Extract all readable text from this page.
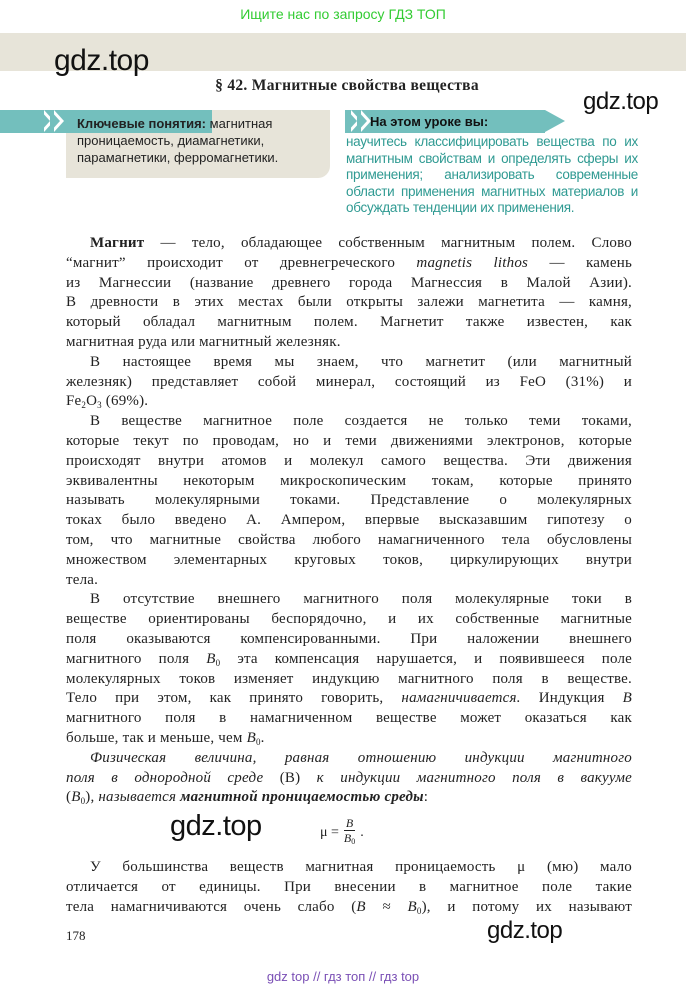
Ищите нас по запросу ГДЗ ТОП
gdz.top
§ 42. Магнитные свойства вещества
gdz.top
Ключевые понятия: магнитная проницаемость, диамагнетики, парамагнетики, ферромагнетики.
На этом уроке вы:
научитесь классифицировать вещества по их магнитным свойствам и определять сферы их применения; анализировать современные области применения магнитных материалов и обсуждать тенденции их применения.
Магнит — тело, обладающее собственным магнитным полем. Слово
“магнит” происходит от древнегреческого magnetis lithos — камень
из Магнессии (название древнего города Магнессия в Малой Азии).
В древности в этих местах были открыты залежи магнетита — камня,
который обладал магнитным полем. Магнетит также известен, как
магнитная руда или магнитный железняк.
В настоящее время мы знаем, что магнетит (или магнитный
железняк) представляет собой минерал, состоящий из FeO (31%) и
$Fe_2O_3$ (69%).
В веществе магнитное поле создается не только теми токами,
которые текут по проводам, но и теми движениями электронов, которые
происходят внутри атомов и молекул самого вещества. Эти движения
эквивалентны некоторым микроскопическим токам, которые принято
называть молекулярными токами. Представление о молекулярных
токах было введено А. Ампером, впервые высказавшим гипотезу о
том, что магнитные свойства любого намагниченного тела обусловлены
множеством элементарных круговых токов, циркулирующих внутри
тела.
В отсутствие внешнего магнитного поля молекулярные токи в
веществе ориентированы беспорядочно, и их собственные магнитные
поля оказываются компенсированными. При наложении внешнего
магнитного поля $B_0$ эта компенсация нарушается, и появившееся поле
молекулярных токов изменяет индукцию магнитного поля в веществе.
Тело при этом, как принято говорить, намагничивается. Индукция B
магнитного поля в намагниченном веществе может оказаться как
больше, так и меньше, чем $B_0$.
Физическая величина, равная отношению индукции магнитного
поля в однородной среде (B) к индукции магнитного поля в вакууме
$(B_0)$, называется магнитной проницаемостью среды:
gdz.top	$\mu = \frac{B}{B0}$ .
У большинства веществ магнитная проницаемость μ (мю) мало
отличается от единицы. При внесении в магнитное поле такие
тела намагничиваются очень слабо $(B \approx B_0)$, и потому их называют
178	gdz.top
gdz top // гдз топ // гдз top
